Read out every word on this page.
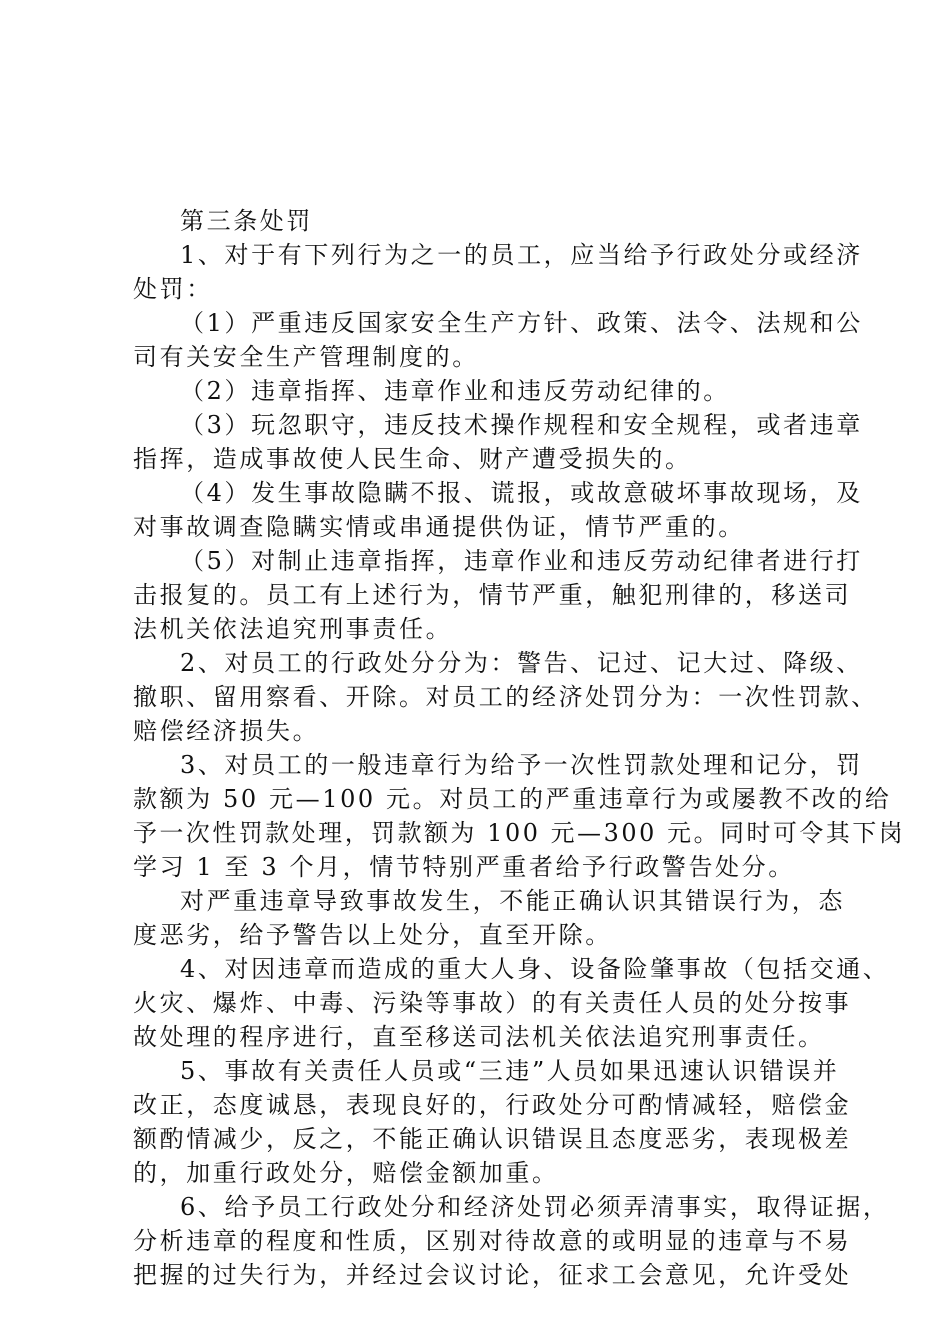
第三条处罚
1、对于有下列行为之一的员工，应当给予行政处分或经济
处罚：
（1）严重违反国家安全生产方针、政策、法令、法规和公
司有关安全生产管理制度的。
（2）违章指挥、违章作业和违反劳动纪律的。
（3）玩忽职守，违反技术操作规程和安全规程，或者违章
指挥，造成事故使人民生命、财产遭受损失的。
（4）发生事故隐瞒不报、谎报，或故意破坏事故现场，及
对事故调查隐瞒实情或串通提供伪证，情节严重的。
（5）对制止违章指挥，违章作业和违反劳动纪律者进行打
击报复的。员工有上述行为，情节严重，触犯刑律的，移送司
法机关依法追究刑事责任。
2、对员工的行政处分分为：警告、记过、记大过、降级、
撤职、留用察看、开除。对员工的经济处罚分为：一次性罚款、
赔偿经济损失。
3、对员工的一般违章行为给予一次性罚款处理和记分，罚
款额为 50 元—100 元。对员工的严重违章行为或屡教不改的给
予一次性罚款处理，罚款额为 100 元—300 元。同时可令其下岗
学习 1 至 3 个月，情节特别严重者给予行政警告处分。
对严重违章导致事故发生，不能正确认识其错误行为，态
度恶劣，给予警告以上处分，直至开除。
4、对因违章而造成的重大人身、设备险肇事故（包括交通、
火灾、爆炸、中毒、污染等事故）的有关责任人员的处分按事
故处理的程序进行，直至移送司法机关依法追究刑事责任。
5、事故有关责任人员或“三违”人员如果迅速认识错误并
改正，态度诚恳，表现良好的，行政处分可酌情减轻，赔偿金
额酌情减少，反之，不能正确认识错误且态度恶劣，表现极差
的，加重行政处分，赔偿金额加重。
6、给予员工行政处分和经济处罚必须弄清事实，取得证据，
分析违章的程度和性质，区别对待故意的或明显的违章与不易
把握的过失行为，并经过会议讨论，征求工会意见，允许受处
